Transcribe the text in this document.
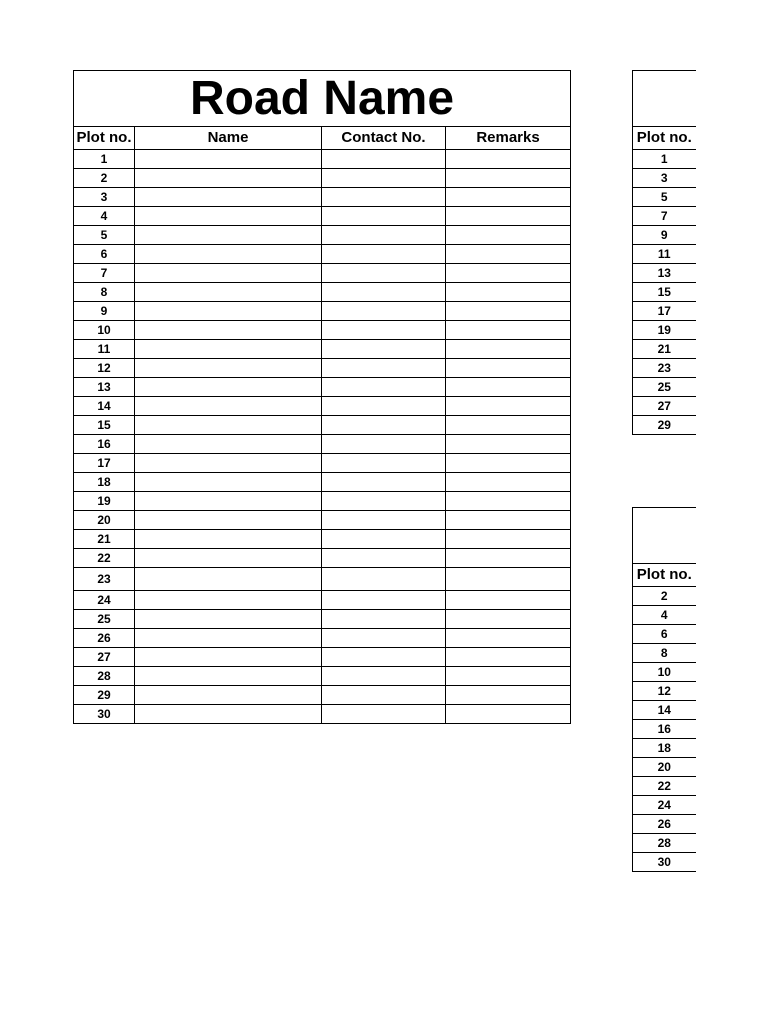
Road Name			
Plot no.	Name	Contact No.	Remarks
1			
2			
3			
4			
5			
6			
7			
8			
9			
10			
11			
12			
13			
14			
15			
16			
17			
18			
19			
20			
21			
22			
23			
24			
25			
26			
27			
28			
29			
30			

Plot no.
1
3
5
7
9
11
13
15
17
19
21
23
25
27
29

Plot no.
2
4
6
8
10
12
14
16
18
20
22
24
26
28
30
